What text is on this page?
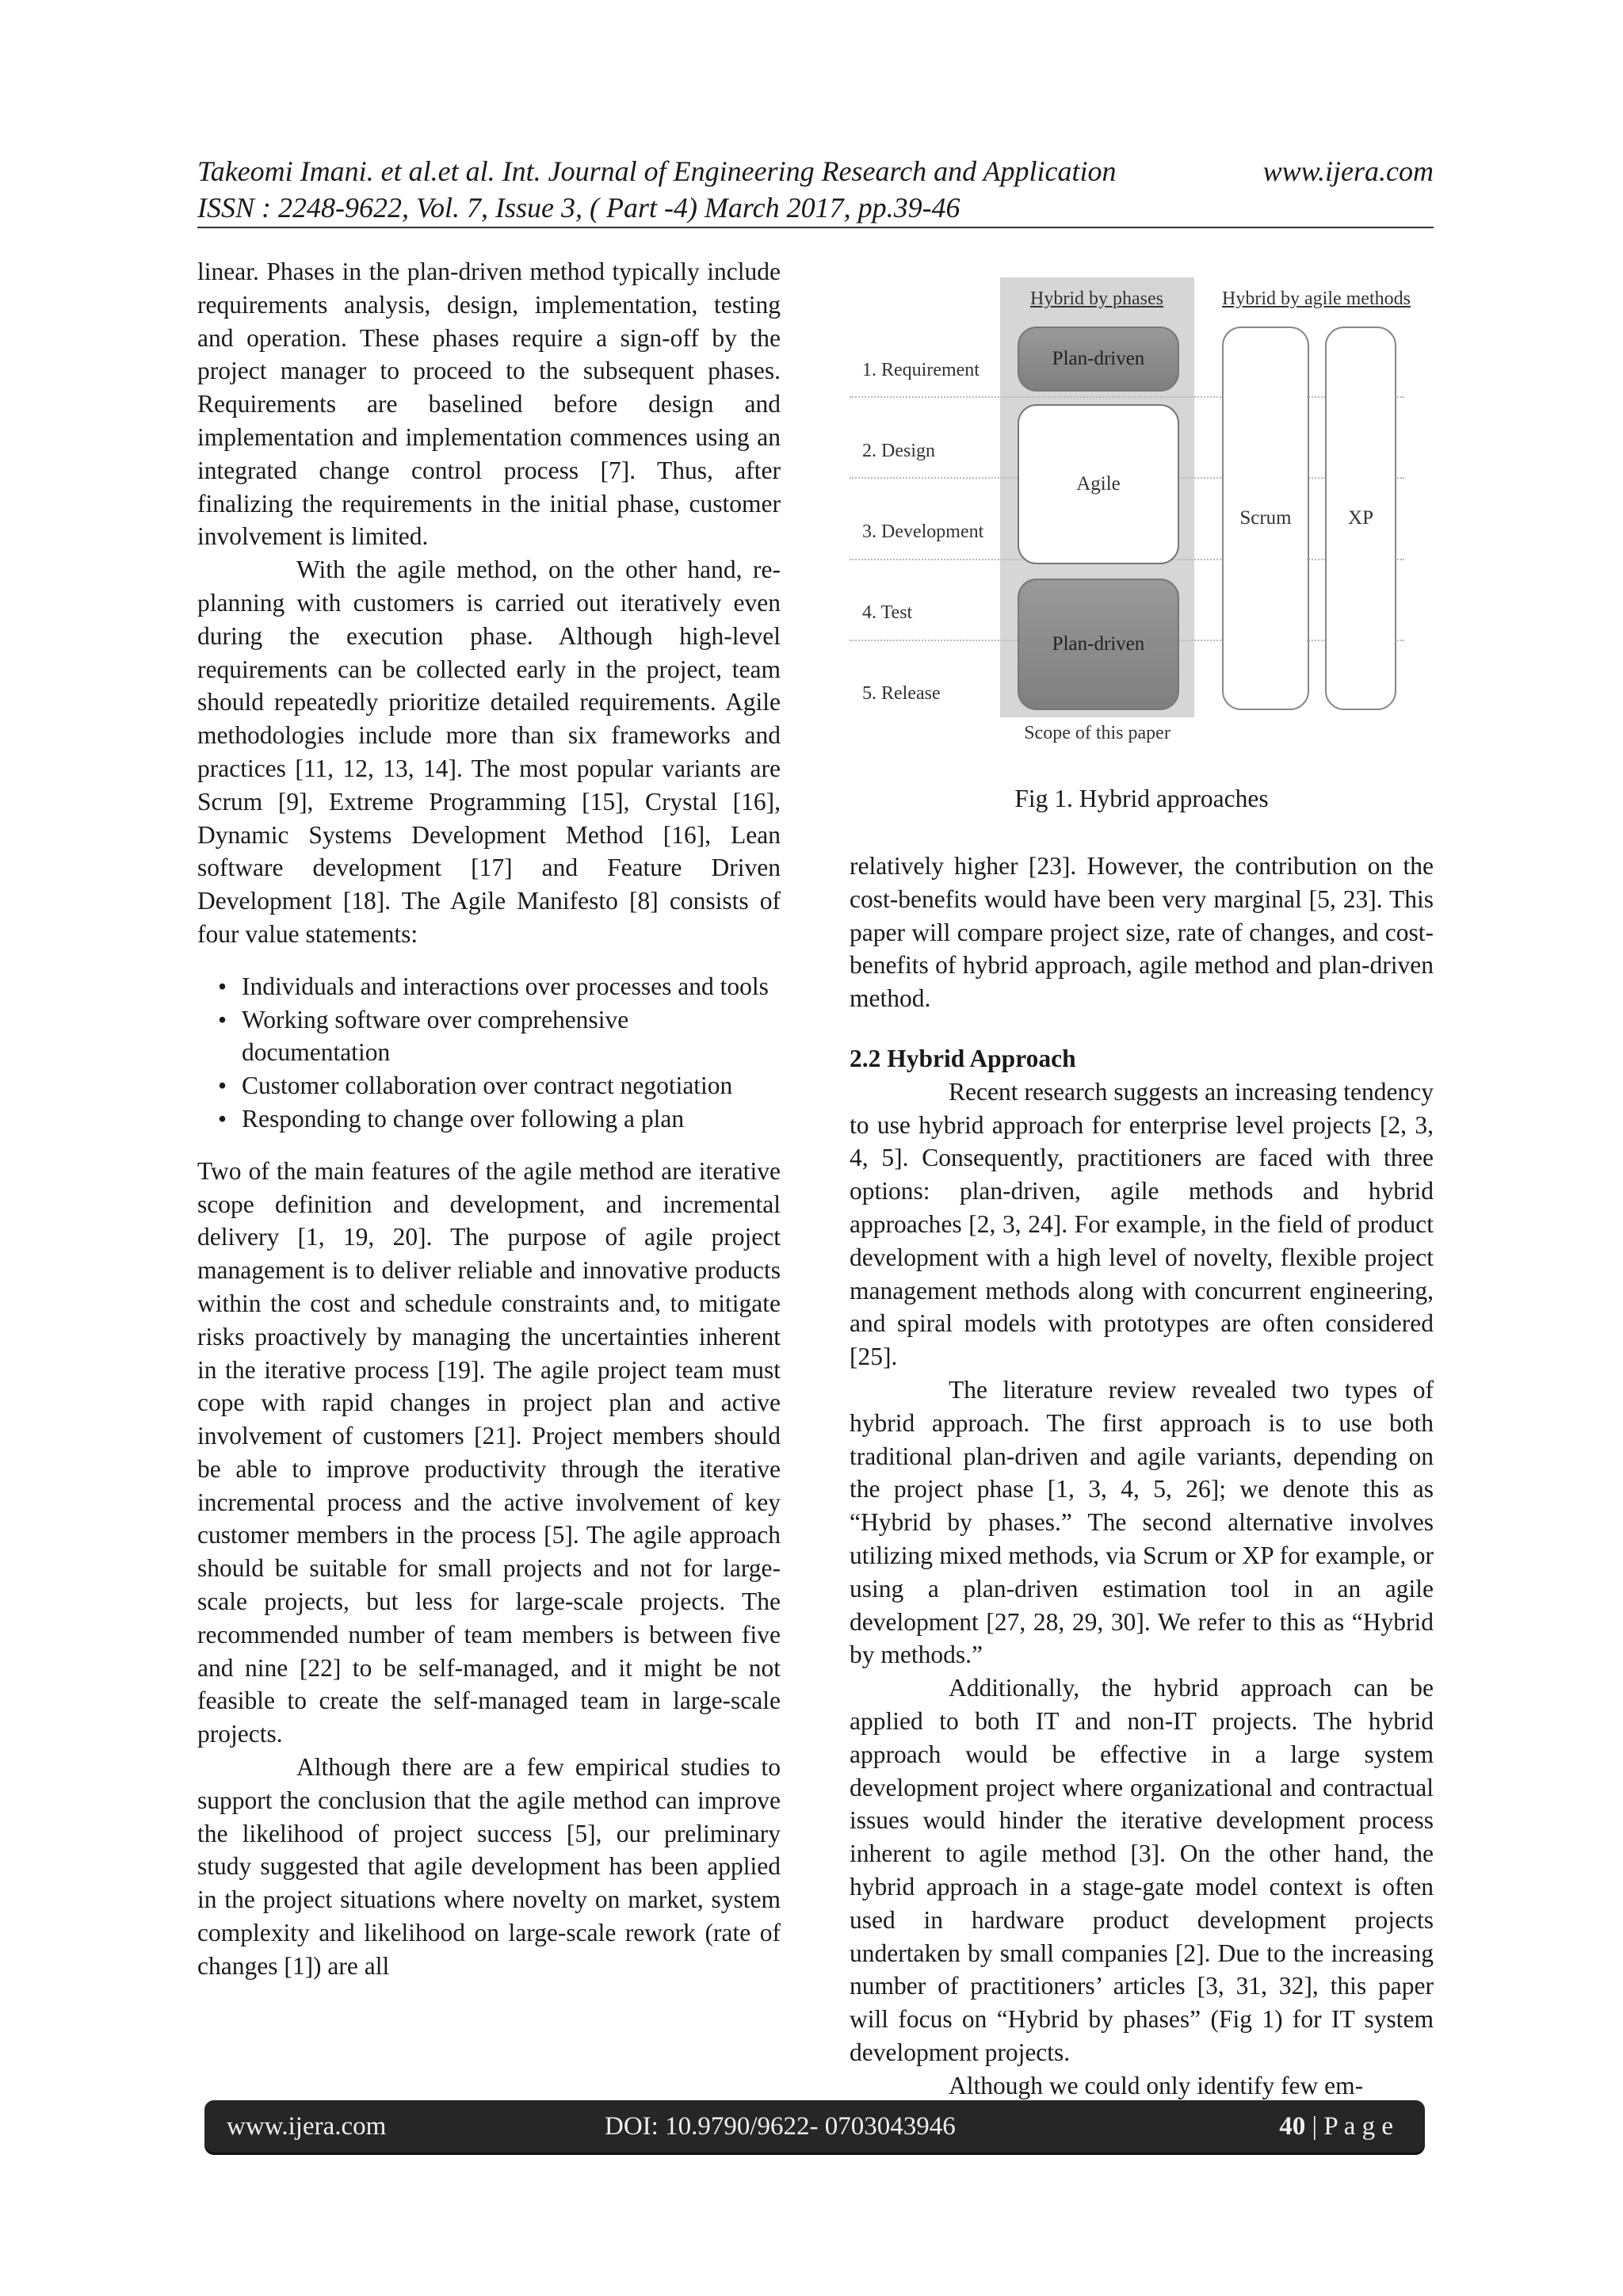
Takeomi Imani. et al.et al. Int. Journal of Engineering Research and Application	www.ijera.com
ISSN : 2248-9622, Vol. 7, Issue 3, ( Part -4) March 2017, pp.39-46

linear. Phases in the plan-driven method typically include requirements analysis, design, implementation, testing and operation. These phases require a sign-off by the project manager to proceed to the subsequent phases. Requirements are baselined before design and implementation and implementation commences using an integrated change control process [7]. Thus, after finalizing the requirements in the initial phase, customer involvement is limited.

With the agile method, on the other hand, re-planning with customers is carried out iteratively even during the execution phase. Although high-level requirements can be collected early in the project, team should repeatedly prioritize detailed requirements. Agile methodologies include more than six frameworks and practices [11, 12, 13, 14]. The most popular variants are Scrum [9], Extreme Programming [15], Crystal [16], Dynamic Systems Development Method [16], Lean software development [17] and Feature Driven Development [18]. The Agile Manifesto [8] consists of four value statements:

• Individuals and interactions over processes and tools
• Working software over comprehensive documentation
• Customer collaboration over contract negotiation
• Responding to change over following a plan

Two of the main features of the agile method are iterative scope definition and development, and incremental delivery [1, 19, 20]. The purpose of agile project management is to deliver reliable and innovative products within the cost and schedule constraints and, to mitigate risks proactively by managing the uncertainties inherent in the iterative process [19]. The agile project team must cope with rapid changes in project plan and active involvement of customers [21]. Project members should be able to improve productivity through the iterative incremental process and the active involvement of key customer members in the process [5]. The agile approach should be suitable for small projects and not for large-scale projects, but less for large-scale projects. The recommended number of team members is between five and nine [22] to be self-managed, and it might be not feasible to create the self-managed team in large-scale projects.

Although there are a few empirical studies to support the conclusion that the agile method can improve the likelihood of project success [5], our preliminary study suggested that agile development has been applied in the project situations where novelty on market, system complexity and likelihood on large-scale rework (rate of changes [1]) are all

Hybrid by phases	Hybrid by agile methods
1. Requirement
2. Design
3. Development
4. Test
5. Release
Plan-driven
Agile
Plan-driven
Scrum	XP
Scope of this paper
Fig 1. Hybrid approaches

relatively higher [23]. However, the contribution on the cost-benefits would have been very marginal [5, 23]. This paper will compare project size, rate of changes, and cost-benefits of hybrid approach, agile method and plan-driven method.

2.2 Hybrid Approach

Recent research suggests an increasing tendency to use hybrid approach for enterprise level projects [2, 3, 4, 5]. Consequently, practitioners are faced with three options: plan-driven, agile methods and hybrid approaches [2, 3, 24]. For example, in the field of product development with a high level of novelty, flexible project management methods along with concurrent engineering, and spiral models with prototypes are often considered [25].

The literature review revealed two types of hybrid approach. The first approach is to use both traditional plan-driven and agile variants, depending on the project phase [1, 3, 4, 5, 26]; we denote this as “Hybrid by phases.” The second alternative involves utilizing mixed methods, via Scrum or XP for example, or using a plan-driven estimation tool in an agile development [27, 28, 29, 30]. We refer to this as “Hybrid by methods.”

Additionally, the hybrid approach can be applied to both IT and non-IT projects. The hybrid approach would be effective in a large system development project where organizational and contractual issues would hinder the iterative development process inherent to agile method [3]. On the other hand, the hybrid approach in a stage-gate model context is often used in hardware product development projects undertaken by small companies [2]. Due to the increasing number of practitioners’ articles [3, 31, 32], this paper will focus on “Hybrid by phases” (Fig 1) for IT system development projects.

Although we could only identify few em-

www.ijera.com	DOI: 10.9790/9622- 0703043946	40 | P a g e
